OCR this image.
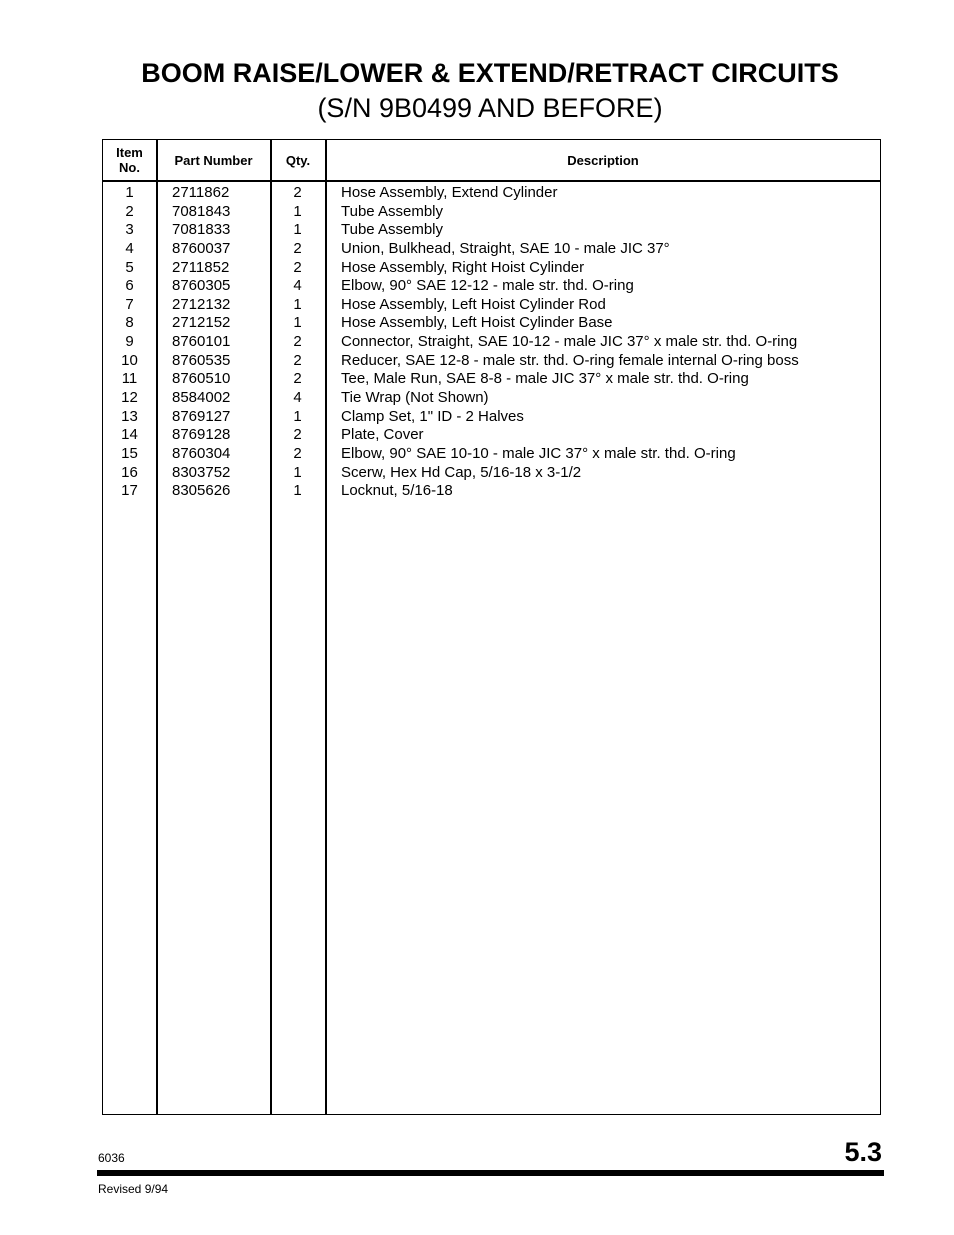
BOOM RAISE/LOWER & EXTEND/RETRACT CIRCUITS
(S/N 9B0499 AND BEFORE)
Item
No.	Part Number	Qty.	Description
1	2711862	2	Hose Assembly, Extend Cylinder
2	7081843	1	Tube Assembly
3	7081833	1	Tube Assembly
4	8760037	2	Union, Bulkhead, Straight, SAE 10 - male JIC 37°
5	2711852	2	Hose Assembly, Right Hoist Cylinder
6	8760305	4	Elbow, 90° SAE 12-12 - male str. thd. O-ring
7	2712132	1	Hose Assembly, Left Hoist Cylinder Rod
8	2712152	1	Hose Assembly, Left Hoist Cylinder Base
9	8760101	2	Connector, Straight, SAE 10-12 - male JIC 37° x male str. thd. O-ring
10	8760535	2	Reducer, SAE 12-8 - male str. thd. O-ring female internal O-ring boss
11	8760510	2	Tee, Male Run, SAE 8-8 - male JIC 37° x male str. thd. O-ring
12	8584002	4	Tie Wrap (Not Shown)
13	8769127	1	Clamp Set, 1" ID - 2 Halves
14	8769128	2	Plate, Cover
15	8760304	2	Elbow, 90° SAE 10-10 - male JIC 37° x male str. thd. O-ring
16	8303752	1	Scerw, Hex Hd Cap, 5/16-18 x 3-1/2
17	8305626	1	Locknut, 5/16-18
6036	5.3
Revised 9/94
